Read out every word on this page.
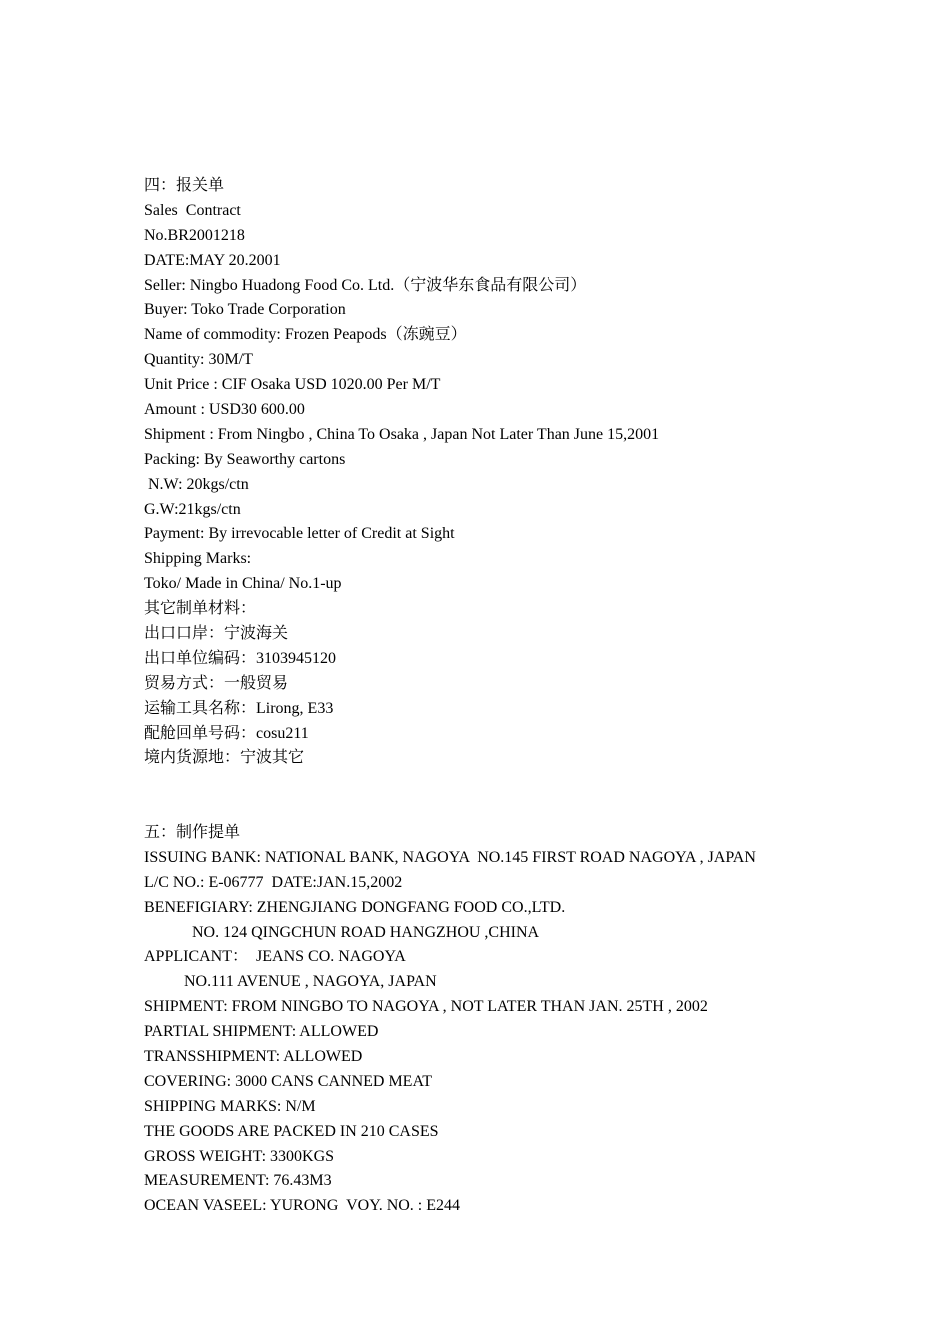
四：报关单
Sales  Contract
No.BR2001218
DATE:MAY 20.2001
Seller: Ningbo Huadong Food Co. Ltd.（宁波华东食品有限公司）
Buyer: Toko Trade Corporation
Name of commodity: Frozen Peapods（冻豌豆）
Quantity: 30M/T
Unit Price : CIF Osaka USD 1020.00 Per M/T
Amount : USD30 600.00
Shipment : From Ningbo , China To Osaka , Japan Not Later Than June 15,2001
Packing: By Seaworthy cartons
N.W: 20kgs/ctn
G.W:21kgs/ctn
Payment: By irrevocable letter of Credit at Sight
Shipping Marks:
Toko/ Made in China/ No.1-up
其它制单材料：
出口口岸：宁波海关
出口单位编码：3103945120
贸易方式：一般贸易
运输工具名称：Lirong, E33
配舱回单号码：cosu211
境内货源地：宁波其它
五：制作提单
ISSUING BANK: NATIONAL BANK, NAGOYA  NO.145 FIRST ROAD NAGOYA , JAPAN
L/C NO.: E-06777  DATE:JAN.15,2002
BENEFIGIARY: ZHENGJIANG DONGFANG FOOD CO.,LTD.
NO. 124 QINGCHUN ROAD HANGZHOU ,CHINA
APPLICANT：  JEANS CO. NAGOYA
NO.111 AVENUE , NAGOYA, JAPAN
SHIPMENT: FROM NINGBO TO NAGOYA , NOT LATER THAN JAN. 25TH , 2002
PARTIAL SHIPMENT: ALLOWED
TRANSSHIPMENT: ALLOWED
COVERING: 3000 CANS CANNED MEAT
SHIPPING MARKS: N/M
THE GOODS ARE PACKED IN 210 CASES
GROSS WEIGHT: 3300KGS
MEASUREMENT: 76.43M3
OCEAN VASEEL: YURONG  VOY. NO. : E244
